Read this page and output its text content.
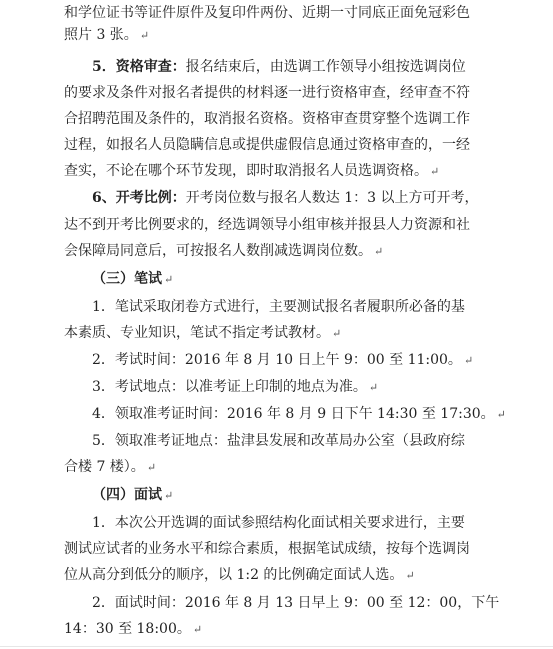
和学位证书等证件原件及复印件两份、近期一寸同底正面免冠彩色
照片 3 张。 ↵
5．资格审查：报名结束后，由选调工作领导小组按选调岗位
的要求及条件对报名者提供的材料逐一进行资格审查，经审查不符
合招聘范围及条件的，取消报名资格。资格审查贯穿整个选调工作
过程，如报名人员隐瞒信息或提供虚假信息通过资格审查的，一经
查实，不论在哪个环节发现，即时取消报名人员选调资格。 ↵
6、开考比例：开考岗位数与报名人数达 1：3 以上方可开考，
达不到开考比例要求的，经选调领导小组审核并报县人力资源和社
会保障局同意后，可按报名人数削减选调岗位数。 ↵
（三）笔试 ↵
1．笔试采取闭卷方式进行，主要测试报名者履职所必备的基
本素质、专业知识，笔试不指定考试教材。 ↵
2．考试时间：2016 年 8 月 10 日上午 9：00 至 11:00。 ↵
3．考试地点：以准考证上印制的地点为准。 ↵
4．领取准考证时间：2016 年 8 月 9 日下午 14:30 至 17:30。 ↵
5．领取准考证地点：盐津县发展和改革局办公室（县政府综
合楼 7 楼）。 ↵
（四）面试 ↵
1．本次公开选调的面试参照结构化面试相关要求进行，主要
测试应试者的业务水平和综合素质，根据笔试成绩，按每个选调岗
位从高分到低分的顺序，以 1:2 的比例确定面试人选。 ↵
2．面试时间：2016 年 8 月 13 日早上 9：00 至 12：00，下午
14：30 至 18:00。 ↵
